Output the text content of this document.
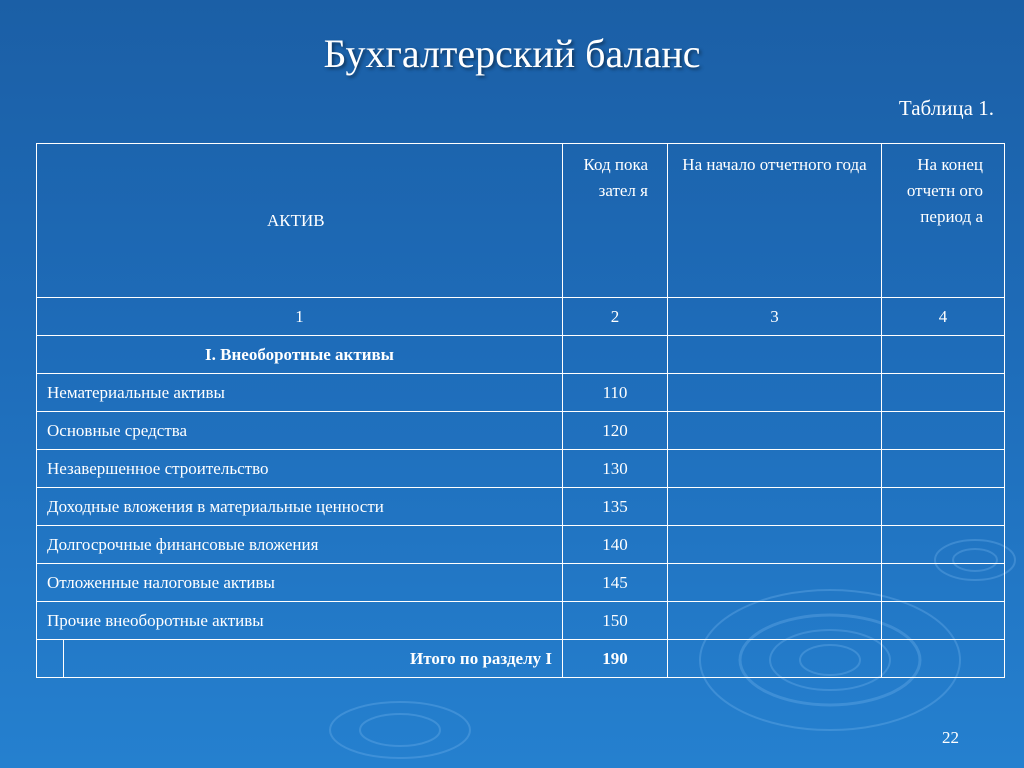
Бухгалтерский баланс
Таблица 1.
АКТИВ	Код пока зател я	На начало отчетного года	На конец отчетн ого период а
1	2	3	4
I. Внеоборотные активы			
Нематериальные активы	110		
Основные средства	120		
Незавершенное строительство	130		
Доходные вложения в материальные ценности	135		
Долгосрочные финансовые вложения	140		
Отложенные налоговые активы	145		
Прочие внеоборотные активы	150		

Итого по разделу I	190		
22
